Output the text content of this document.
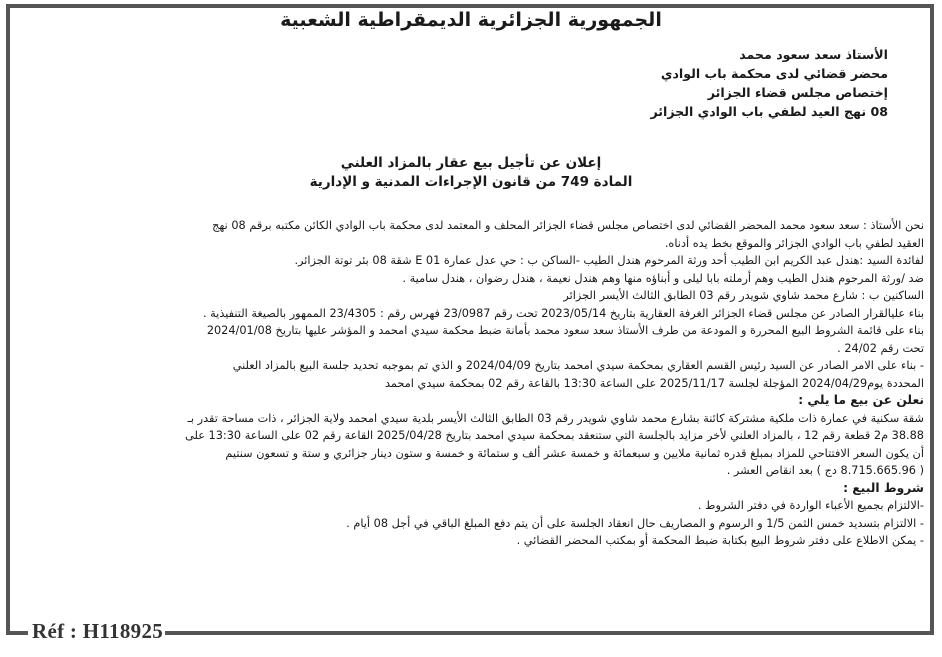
الجمهورية الجزائرية الديمقراطية الشعبية
الأستاذ سعد سعود محمد
محضر قضائي لدى محكمة باب الوادي
إختصاص مجلس قضاء الجزائر
08 نهج العيد لطفي باب الوادي الجزائر
إعلان عن تأجيل بيع عقار بالمزاد العلني
المادة 749 من قانون الإجراءات المدنية و الإدارية
نحن الأستاذ : سعد سعود محمد المحضر القضائي لدى اختصاص مجلس قضاء الجزائر المحلف و المعتمد لدى محكمة باب الوادي الكائن مكتبه برقم 08 نهج
العقيد لطفي باب الوادي الجزائر والموقع بخط يده أدناه.
لفائدة السيد :هندل عبد الكريم ابن الطيب أحد ورثة المرحوم هندل الطيب -الساكن ب : حي عدل عمارة E 01 شقة 08 بئر توتة الجزائر.
ضد /ورثة المرحوم هندل الطيب وهم أرملته بابا ليلى و أبناؤه منها وهم هندل نعيمة ، هندل رضوان ، هندل سامية .
الساكنين ب : شارع محمد شاوي شويدر رقم 03 الطابق الثالث الأيسر الجزائر
بناء عليالقرار الصادر عن مجلس قضاء الجزائر الغرفة العقارية بتاريخ 2023/05/14 تحت رقم 23/0987 فهرس رقم : 23/4305 الممهور بالصيغة التنفيذية .
بناء على قائمة الشروط البيع المحررة و المودعة من طرف الأستاذ سعد سعود محمد بأمانة ضبط محكمة سيدي امحمد و المؤشر عليها بتاريخ 2024/01/08
تحت رقم 24/02 .
- بناء على الامر الصادر عن السيد رئيس القسم العقاري بمحكمة سيدي امحمد بتاريخ 2024/04/09 و الذي تم بموجبه تحديد جلسة البيع بالمزاد العلني
المحددة يوم2024/04/29 المؤجلة لجلسة 2025/11/17 على الساعة 13:30 بالقاعة رقم 02 بمحكمة سيدي امحمد
نعلن عن بيع ما يلي :
شقة سكنية في عمارة ذات ملكية مشتركة كائنة بشارع محمد شاوي شويدر رقم 03 الطابق الثالث الأيسر بلدية سيدي امحمد ولاية الجزائر ، ذات مساحة تقدر بـ
38.88 م2 قطعة رقم 12 ، بالمزاد العلني لأخر مزايد بالجلسة التي ستنعقد بمحكمة سيدي امحمد بتاريخ 2025/04/28 القاعة رقم 02 على الساعة 13:30 على
أن يكون السعر الافتتاحي للمزاد بمبلغ قدره ثمانية ملايين و سبعمائة و خمسة عشر ألف و ستمائة و خمسة و ستون دينار جزائري و ستة و تسعون سنتيم
( 8.715.665.96 دج ) بعد انقاص العشر .
شروط البيع :
-الالتزام بجميع الأعباء الواردة في دفتر الشروط .
- الالتزام بتسديد خمس الثمن 1/5 و الرسوم و المصاريف حال انعقاد الجلسة على أن يتم دفع المبلغ الباقي في أجل 08 أيام .
- يمكن الاطلاع على دفتر شروط البيع بكتابة ضبط المحكمة أو بمكتب المحضر القضائي .
Réf : H118925
